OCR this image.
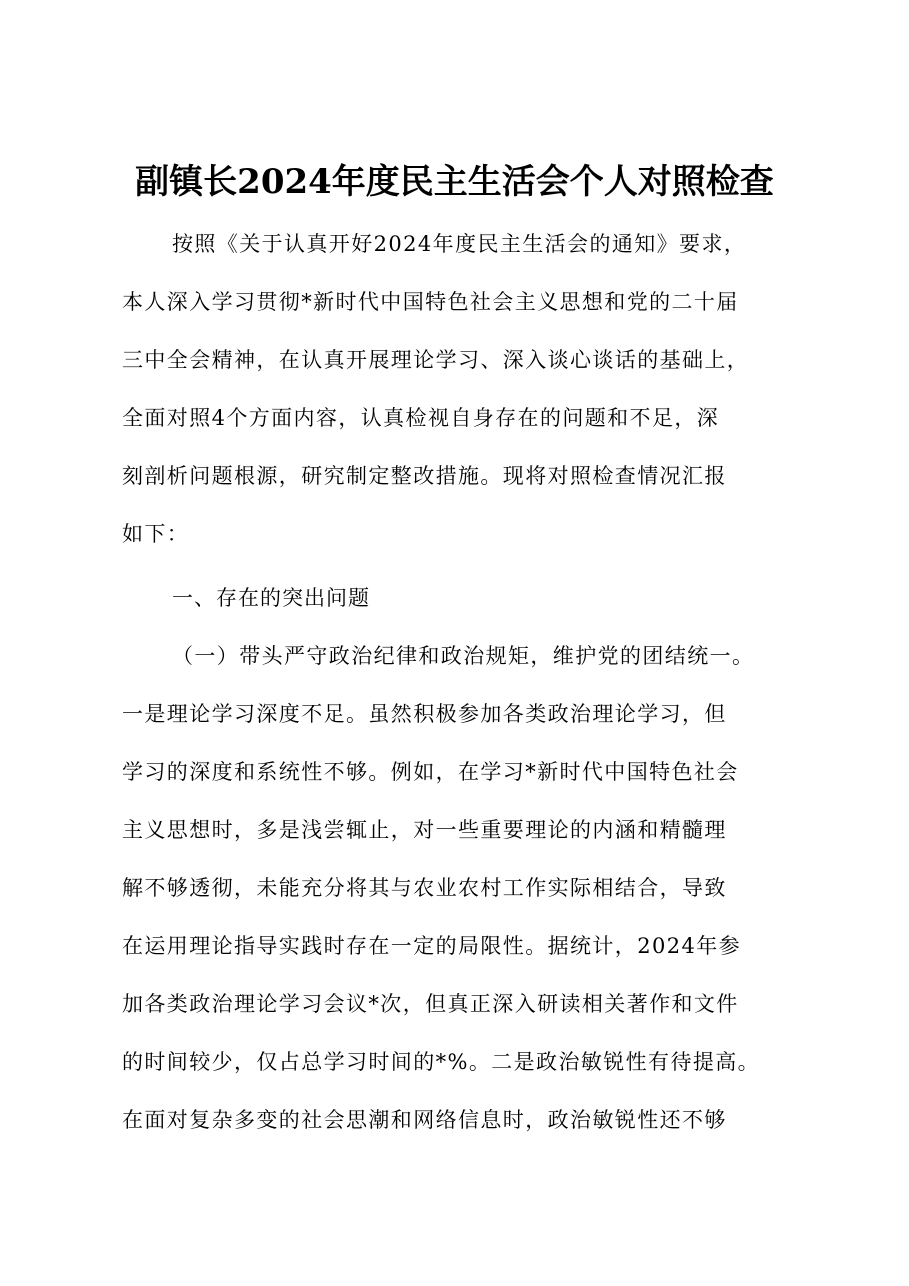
副镇长2024年度民主生活会个人对照检查
按照《关于认真开好2024年度民主生活会的通知》要求，
本人深入学习贯彻*新时代中国特色社会主义思想和党的二十届
三中全会精神，在认真开展理论学习、深入谈心谈话的基础上，
全面对照4个方面内容，认真检视自身存在的问题和不足，深
刻剖析问题根源，研究制定整改措施。现将对照检查情况汇报
如下：
一、存在的突出问题
（一）带头严守政治纪律和政治规矩，维护党的团结统一。
一是理论学习深度不足。虽然积极参加各类政治理论学习，但
学习的深度和系统性不够。例如，在学习*新时代中国特色社会
主义思想时，多是浅尝辄止，对一些重要理论的内涵和精髓理
解不够透彻，未能充分将其与农业农村工作实际相结合，导致
在运用理论指导实践时存在一定的局限性。据统计，2024年参
加各类政治理论学习会议*次，但真正深入研读相关著作和文件
的时间较少，仅占总学习时间的*%。二是政治敏锐性有待提高。
在面对复杂多变的社会思潮和网络信息时，政治敏锐性还不够
